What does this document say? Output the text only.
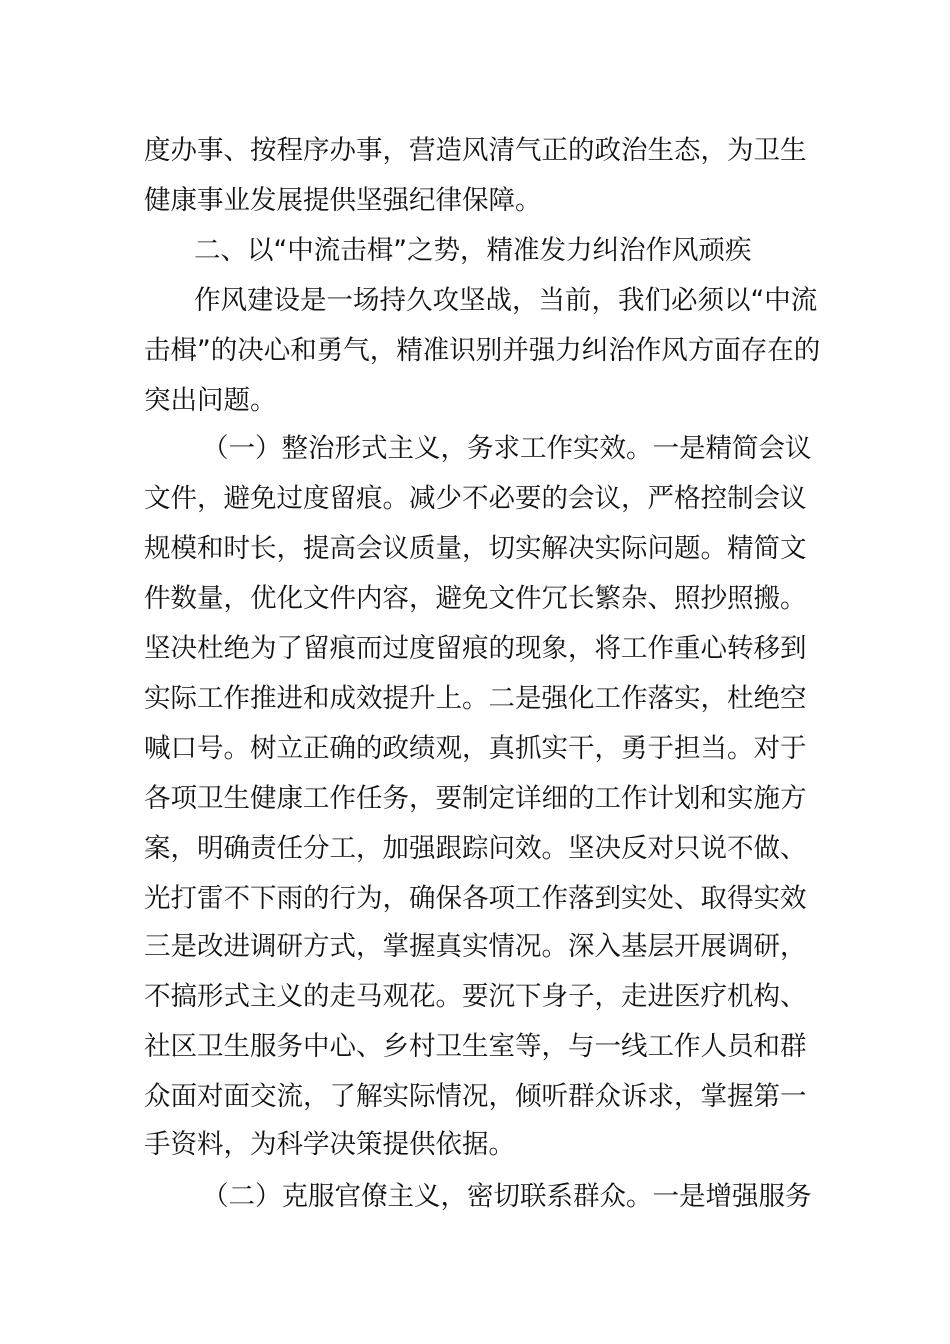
度办事、按程序办事，营造风清气正的政治生态，为卫生
健康事业发展提供坚强纪律保障。
二、以“中流击楫”之势，精准发力纠治作风顽疾
作风建设是一场持久攻坚战，当前，我们必须以“中流
击楫”的决心和勇气，精准识别并强力纠治作风方面存在的
突出问题。
（一）整治形式主义，务求工作实效。一是精简会议
文件，避免过度留痕。减少不必要的会议，严格控制会议
规模和时长，提高会议质量，切实解决实际问题。精简文
件数量，优化文件内容，避免文件冗长繁杂、照抄照搬。
坚决杜绝为了留痕而过度留痕的现象，将工作重心转移到
实际工作推进和成效提升上。二是强化工作落实，杜绝空
喊口号。树立正确的政绩观，真抓实干，勇于担当。对于
各项卫生健康工作任务，要制定详细的工作计划和实施方
案，明确责任分工，加强跟踪问效。坚决反对只说不做、
光打雷不下雨的行为，确保各项工作落到实处、取得实效
三是改进调研方式，掌握真实情况。深入基层开展调研，
不搞形式主义的走马观花。要沉下身子，走进医疗机构、
社区卫生服务中心、乡村卫生室等，与一线工作人员和群
众面对面交流，了解实际情况，倾听群众诉求，掌握第一
手资料，为科学决策提供依据。
（二）克服官僚主义，密切联系群众。一是增强服务
